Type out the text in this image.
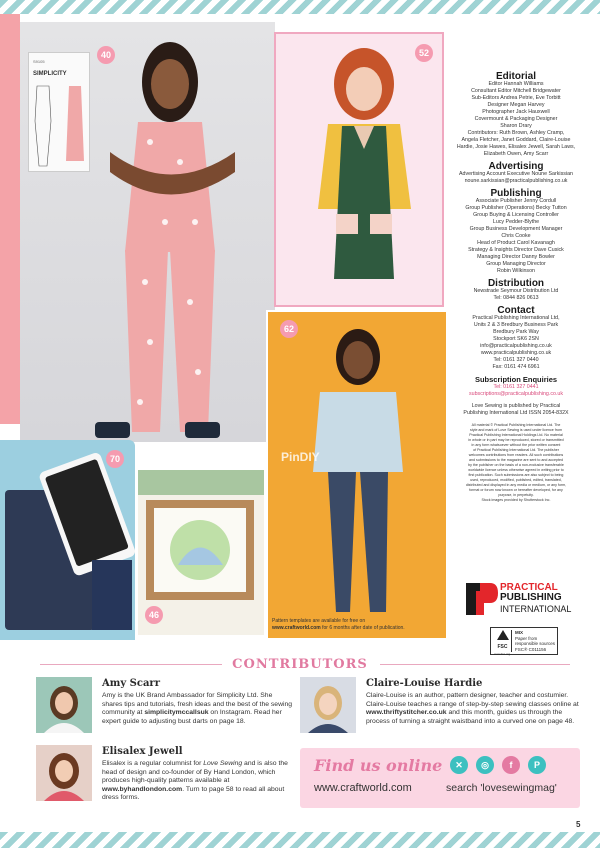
SIMPLICITY
S9105
40	52
PinDIY
Pattern templates are available for free on
www.craftworld.com for 6 months after date of publication.
62
70
46
Editorial
Editor Hannah Williams
Consultant Editor Mitchell Bridgewater
Sub-Editors Andrea Petrie, Eve Torbitt
Designer Megan Harvey
Photographer Jack Hauxwell
Covermount & Packaging Designer
Sharon Drary
Contributors: Ruth Brown, Ashley Cramp,
Angela Fletcher, Janet Goddard, Claire-Louise
Hardie, Josie Hawes, Elisalex Jewell, Sarah Laws,
Elizabeth Owen, Amy Scarr
Advertising
Advertising Account Executive Noune Sarkissian
noune.sarkissian@practicalpublishing.co.uk
Publishing
Associate Publisher Jenny Cordull
Group Publisher (Operations) Becky Tutton
Group Buying & Licensing Controller
Lucy Pedder-Blythe
Group Business Development Manager
Chris Cooke
Head of Product Carol Kavanagh
Strategy & Insights Director Dave Cusick
Managing Director Danny Bowler
Group Managing Director
Robin Wilkinson
Distribution
Newstrade Seymour Distribution Ltd
Tel: 0844 826 0613
Contact
Practical Publishing International Ltd,
Units 2 & 3 Bredbury Business Park
Bredbury Park Way
Stockport SK6 2SN
info@practicalpublishing.co.uk
www.practicalpublishing.co.uk
Tel: 0161 327 0440
Fax: 0161 474 6961
Subscription Enquiries
Tel: 0161 327 0441
subscriptions@practicalpublishing.co.uk
Love Sewing is published by Practical
Publishing International Ltd ISSN 2054-832X
All material © Practical Publishing International Ltd. The
style and mark of Love Sewing is used under licence from
Practical Publishing International Holdings Ltd. No material
in whole or in part may be reproduced, stored or transmitted
in any form whatsoever without the prior written consent
of Practical Publishing International Ltd. The publisher
welcomes contributions from readers. All such contributions
and submissions to the magazine are sent to and accepted
by the publisher on the basis of a non-exclusive transferable
worldwide licence unless otherwise agreed in writing prior to
first publication. Such submissions are also subject to being
used, reproduced, modified, published, edited, translated,
distributed and displayed in any media or medium, or any form,
format or forum now known or hereafter developed, for any
purpose, in perpetuity.
Stock images provided by Shutterstock Inc.
PRACTICAL
PUBLISHING
INTERNATIONAL
FSC
MIX
Paper from responsible sources
FSC® C011156
www.fsc.org
CONTRIBUTORS
Amy Scarr
Amy is the UK Brand Ambassador for Simplicity Ltd. She shares tips and tutorials, fresh ideas and the best of the sewing community at simplicitymccallsuk on Instagram. Read her expert guide to adjusting bust darts on page 18.
Elisalex Jewell
Elisalex is a regular columnist for Love Sewing and is also the head of design and co-founder of By Hand London, which produces high-quality patterns available at www.byhandlondon.com. Turn to page 58 to read all about dress forms.
Claire-Louise Hardie
Claire-Louise is an author, pattern designer, teacher and costumier. Claire-Louise teaches a range of step-by-step sewing classes online at www.thriftystitcher.co.uk and this month, guides us through the process of turning a straight waistband into a curved one on page 48.
Find us online
www.craftworld.com
✕	◎	f	P
search 'lovesewingmag'
5
